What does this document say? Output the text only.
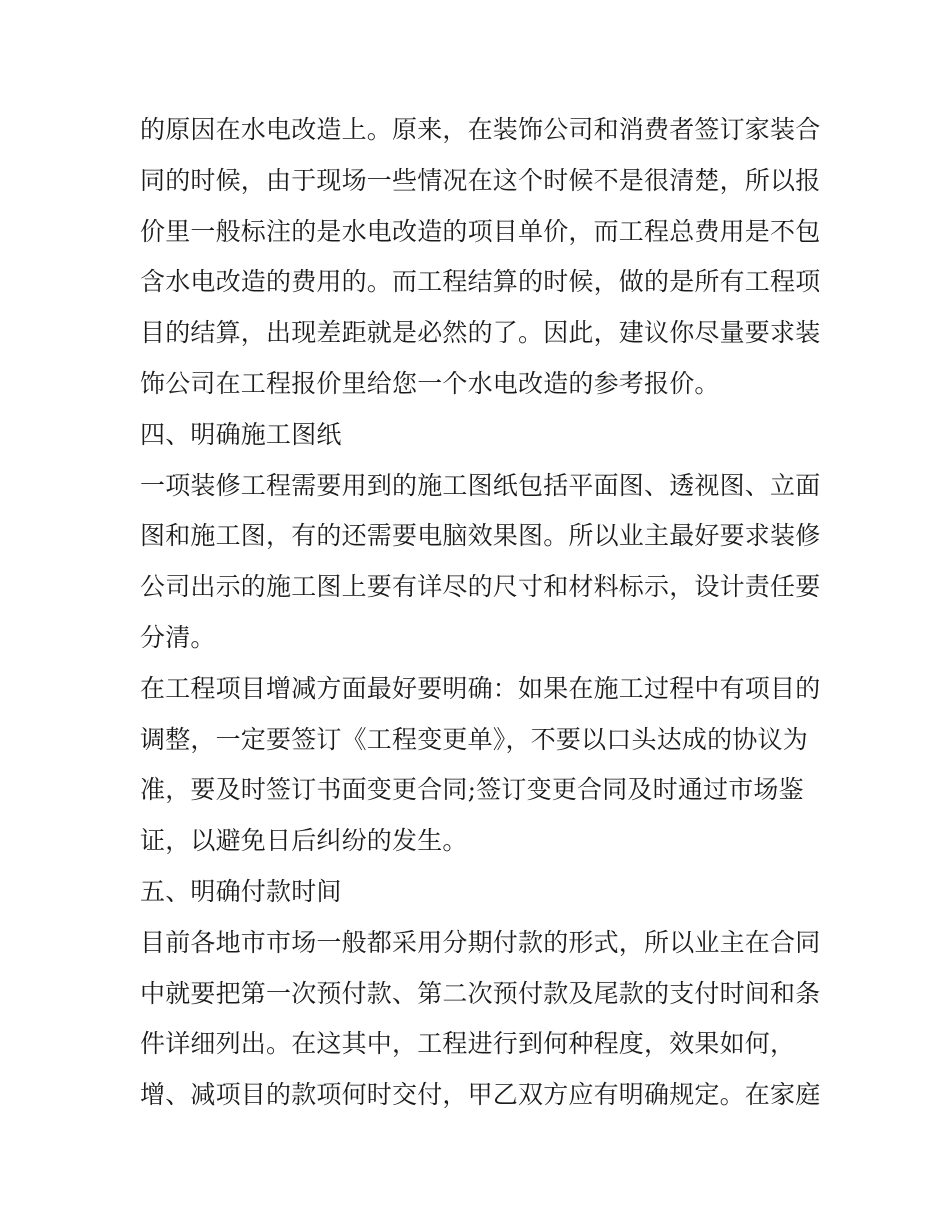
的原因在水电改造上。原来，在装饰公司和消费者签订家装合
同的时候，由于现场一些情况在这个时候不是很清楚，所以报
价里一般标注的是水电改造的项目单价，而工程总费用是不包
含水电改造的费用的。而工程结算的时候，做的是所有工程项
目的结算，出现差距就是必然的了。因此，建议你尽量要求装
饰公司在工程报价里给您一个水电改造的参考报价。
四、明确施工图纸
一项装修工程需要用到的施工图纸包括平面图、透视图、立面
图和施工图，有的还需要电脑效果图。所以业主最好要求装修
公司出示的施工图上要有详尽的尺寸和材料标示，设计责任要
分清。
在工程项目增减方面最好要明确：如果在施工过程中有项目的
调整，一定要签订《工程变更单》，不要以口头达成的协议为
准，要及时签订书面变更合同;签订变更合同及时通过市场鉴
证，以避免日后纠纷的发生。
五、明确付款时间
目前各地市市场一般都采用分期付款的形式，所以业主在合同
中就要把第一次预付款、第二次预付款及尾款的支付时间和条
件详细列出。在这其中，工程进行到何种程度，效果如何，
增、减项目的款项何时交付，甲乙双方应有明确规定。在家庭
